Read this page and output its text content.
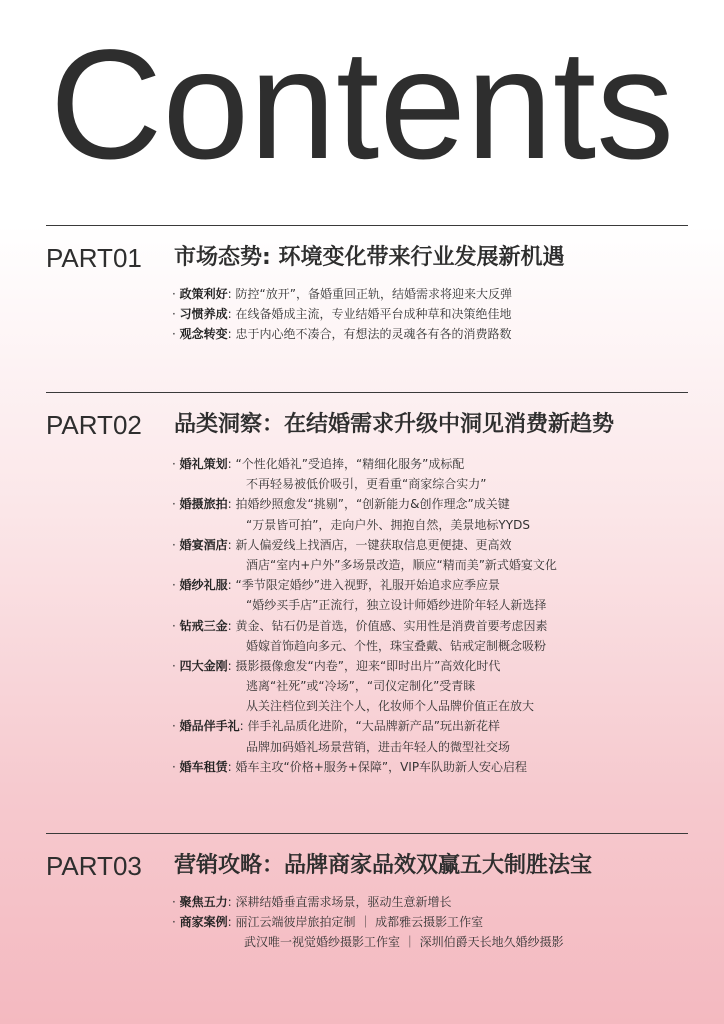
Contents
PART01 市场态势: 环境变化带来行业发展新机遇
· 政策利好: 防控“放开”，备婚重回正轨，结婚需求将迎来大反弹
· 习惯养成: 在线备婚成主流，专业结婚平台成种草和决策绝佳地
· 观念转变: 忠于内心绝不凑合，有想法的灵魂各有各的消费路数
PART02 品类洞察：在结婚需求升级中洞见消费新趋势
· 婚礼策划: “个性化婚礼”受追捧，“精细化服务”成标配
不再轻易被低价吸引，更看重“商家综合实力”
· 婚摄旅拍: 拍婚纱照愈发“挑剔”，“创新能力&创作理念”成关键
“万景皆可拍”，走向户外、拥抱自然，美景地标YYDS
· 婚宴酒店: 新人偏爱线上找酒店，一键获取信息更便捷、更高效
酒店“室内+户外”多场景改造，顺应“精而美”新式婚宴文化
· 婚纱礼服: “季节限定婚纱”进入视野，礼服开始追求应季应景
“婚纱买手店”正流行，独立设计师婚纱进阶年轻人新选择
· 钻戒三金: 黄金、钻石仍是首选，价值感、实用性是消费首要考虑因素
婚嫁首饰趋向多元、个性，珠宝叠戴、钻戒定制概念吸粉
· 四大金刚: 摄影摄像愈发“内卷”，迎来“即时出片”高效化时代
逃离“社死”或“冷场”，“司仪定制化”受青睐
从关注档位到关注个人，化妆师个人品牌价值正在放大
· 婚品伴手礼: 伴手礼品质化进阶，“大品牌新产品”玩出新花样
品牌加码婚礼场景营销，进击年轻人的微型社交场
· 婚车租赁: 婚车主攻“价格+服务+保障”，VIP车队助新人安心启程
PART03 营销攻略：品牌商家品效双赢五大制胜法宝
· 聚焦五力: 深耕结婚垂直需求场景，驱动生意新增长
· 商家案例: 丽江云端彼岸旅拍定制 ｜ 成都雅云摄影工作室
武汉唯一视觉婚纱摄影工作室 ｜ 深圳伯爵天长地久婚纱摄影
